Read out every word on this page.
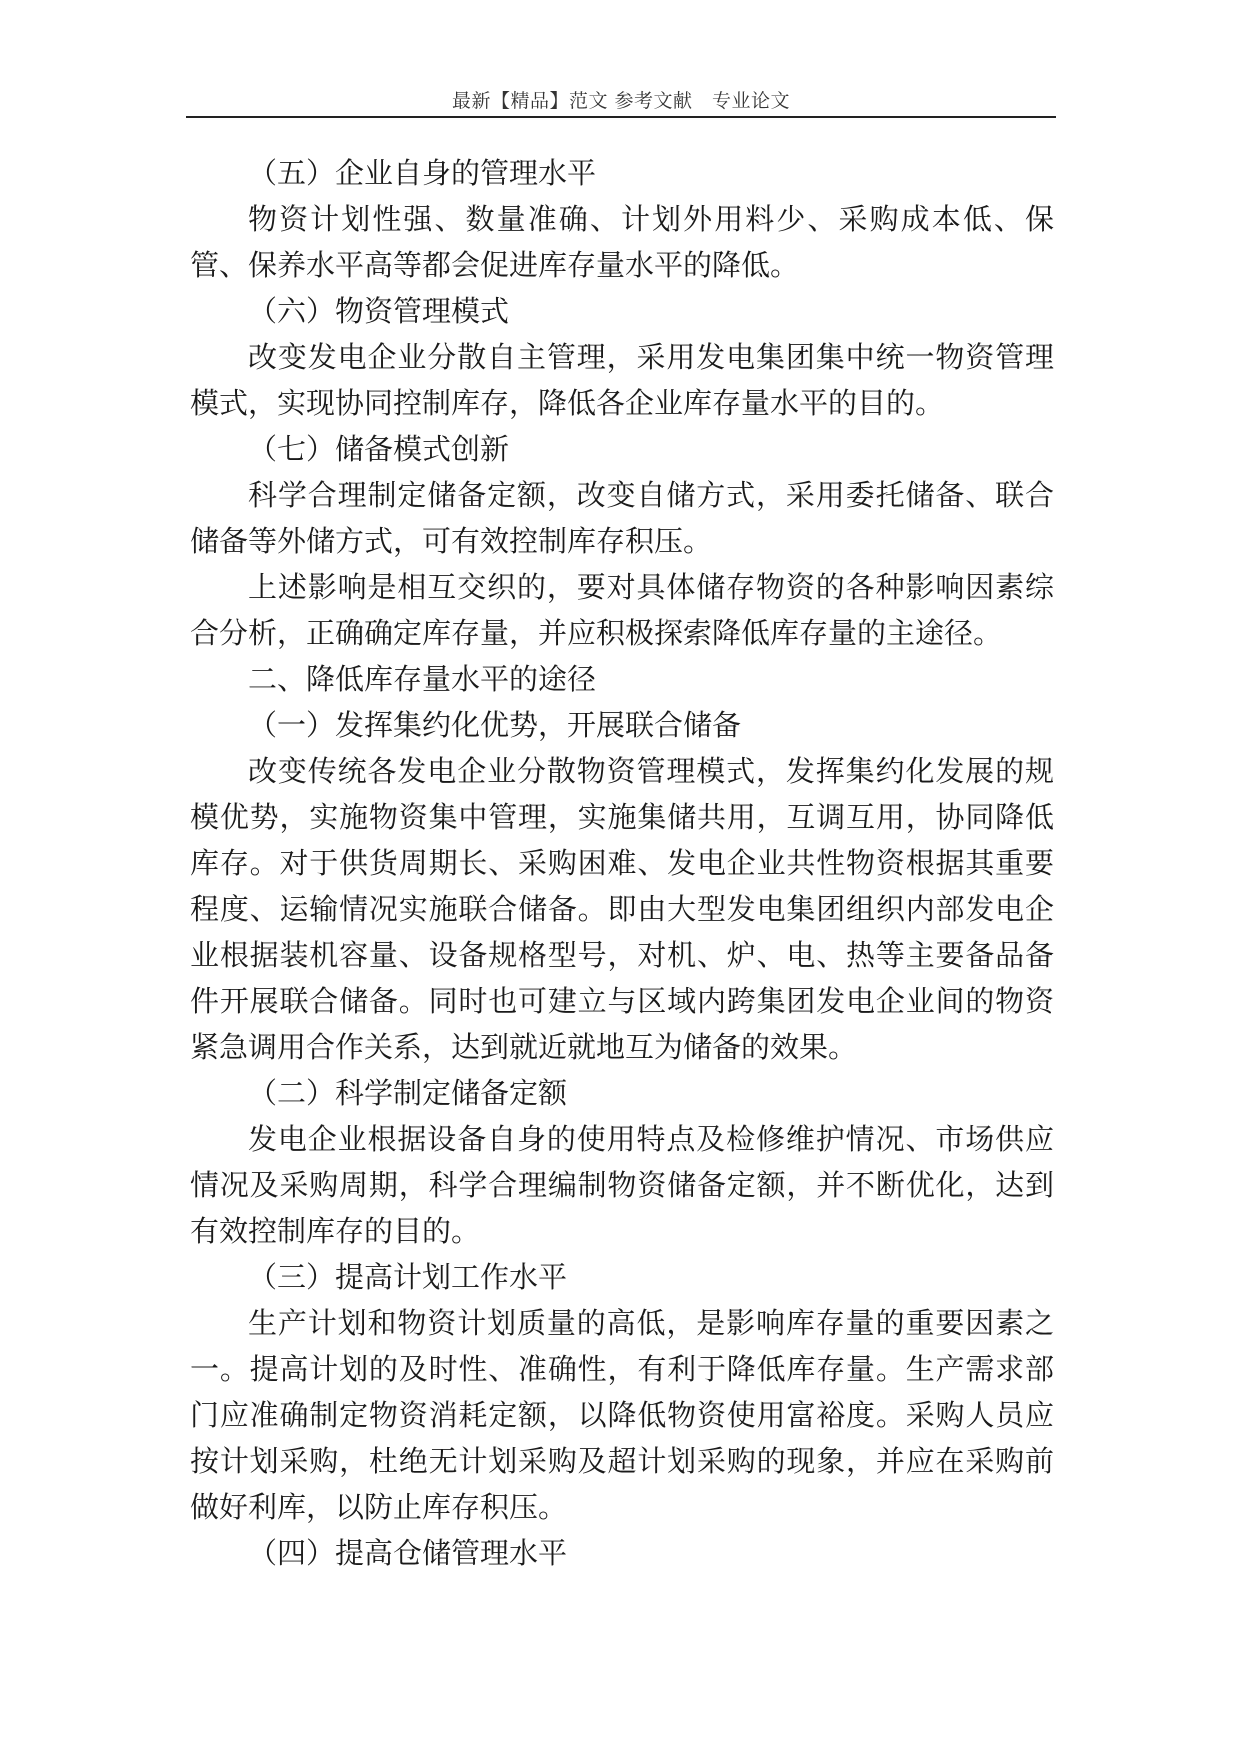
最新【精品】范文 参考文献　专业论文

（五）企业自身的管理水平

物资计划性强、数量准确、计划外用料少、采购成本低、保管、保养水平高等都会促进库存量水平的降低。

（六）物资管理模式

改变发电企业分散自主管理，采用发电集团集中统一物资管理模式，实现协同控制库存，降低各企业库存量水平的目的。

（七）储备模式创新

科学合理制定储备定额，改变自储方式，采用委托储备、联合储备等外储方式，可有效控制库存积压。

上述影响是相互交织的，要对具体储存物资的各种影响因素综合分析，正确确定库存量，并应积极探索降低库存量的主途径。

二、降低库存量水平的途径

（一）发挥集约化优势，开展联合储备

改变传统各发电企业分散物资管理模式，发挥集约化发展的规模优势，实施物资集中管理，实施集储共用，互调互用，协同降低库存。对于供货周期长、采购困难、发电企业共性物资根据其重要程度、运输情况实施联合储备。即由大型发电集团组织内部发电企业根据装机容量、设备规格型号，对机、炉、电、热等主要备品备件开展联合储备。同时也可建立与区域内跨集团发电企业间的物资紧急调用合作关系，达到就近就地互为储备的效果。

（二）科学制定储备定额

发电企业根据设备自身的使用特点及检修维护情况、市场供应情况及采购周期，科学合理编制物资储备定额，并不断优化，达到有效控制库存的目的。

（三）提高计划工作水平

生产计划和物资计划质量的高低，是影响库存量的重要因素之一。提高计划的及时性、准确性，有利于降低库存量。生产需求部门应准确制定物资消耗定额，以降低物资使用富裕度。采购人员应按计划采购，杜绝无计划采购及超计划采购的现象，并应在采购前做好利库，以防止库存积压。

（四）提高仓储管理水平
